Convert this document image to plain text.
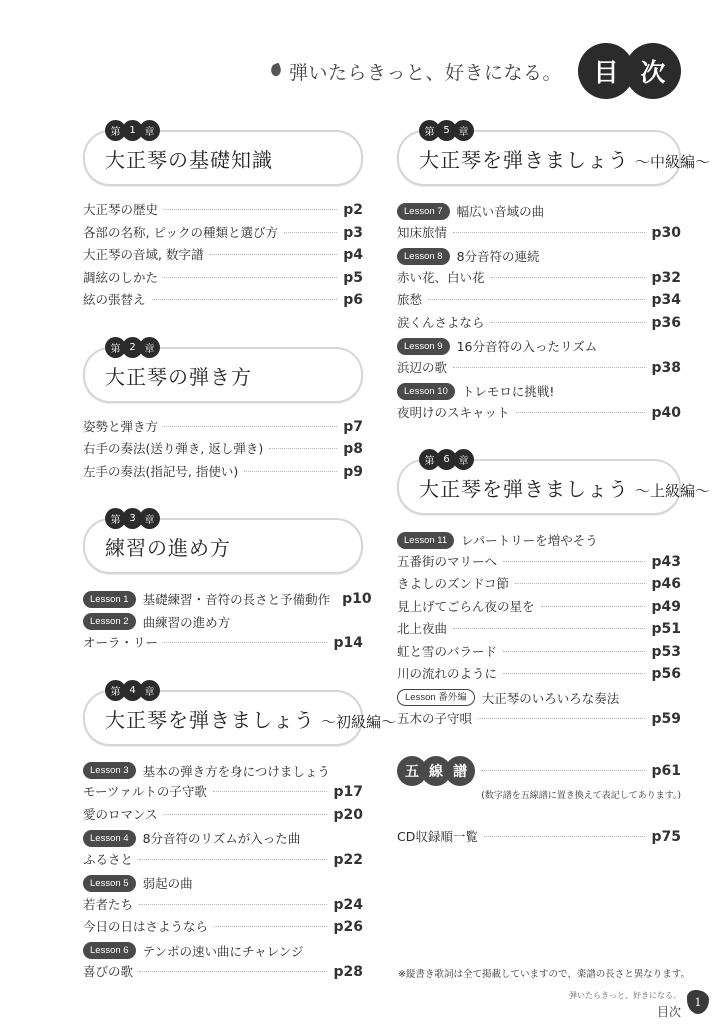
弾いたらきっと、好きになる。	目 次
第 1 章
大正琴の基礎知識
大正琴の歴史	p2
各部の名称, ピックの種類と選び方	p3
大正琴の音域, 数字譜	p4
調絃のしかた	p5
絃の張替え	p6
第 2 章
大正琴の弾き方
姿勢と弾き方	p7
右手の奏法(送り弾き, 返し弾き)	p8
左手の奏法(指記号, 指使い)	p9
第 3 章
練習の進め方
Lesson 1	基礎練習・音符の長さと予備動作 p10
Lesson 2	曲練習の進め方
オーラ・リー	p14
第 4 章
大正琴を弾きましょう ～初級編～
Lesson 3	基本の弾き方を身につけましょう
モーツァルトの子守歌	p17
愛のロマンス	p20
Lesson 4	8分音符のリズムが入った曲
ふるさと	p22
Lesson 5	弱起の曲
若者たち	p24
今日の日はさようなら	p26
Lesson 6	テンポの速い曲にチャレンジ
喜びの歌	p28
第 5 章
大正琴を弾きましょう ～中級編～
Lesson 7	幅広い音域の曲
知床旅情	p30
Lesson 8	8分音符の連続
赤い花、白い花	p32
旅愁	p34
涙くんさよなら	p36
Lesson 9	16分音符の入ったリズム
浜辺の歌	p38
Lesson 10	トレモロに挑戦!
夜明けのスキャット	p40
第 6 章
大正琴を弾きましょう ～上級編～
Lesson 11	レパートリーを増やそう
五番街のマリーへ	p43
きよしのズンドコ節	p46
見上げてごらん夜の星を	p49
北上夜曲	p51
虹と雪のバラード	p53
川の流れのように	p56
Lesson 番外編	大正琴のいろいろな奏法
五木の子守唄	p59
五 線 譜	p61
(数字譜を五線譜に置き換えて表記してあります。)
CD収録順一覧	p75
※縦書き歌詞は全て掲載していますので、楽譜の長さと異なります。
弾いたらきっと、好きになる。
目次
1
